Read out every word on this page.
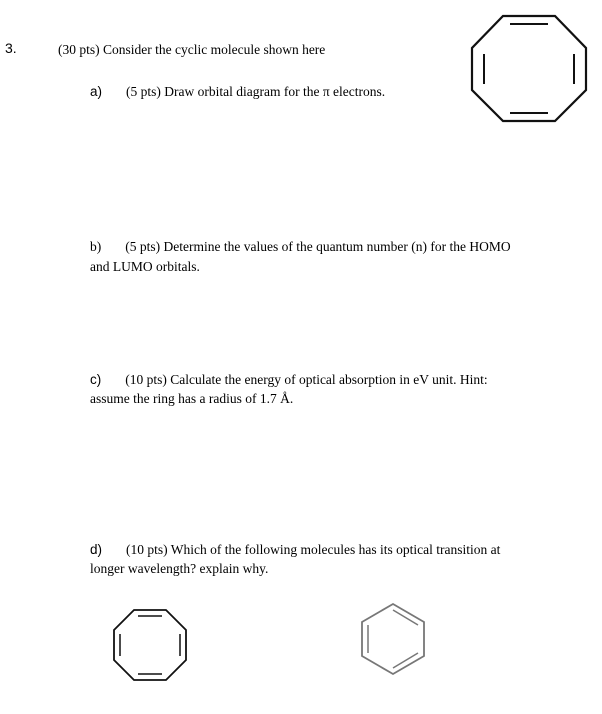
3.	(30 pts) Consider the cyclic molecule shown here
a) (5 pts) Draw orbital diagram for the π electrons.
b) (5 pts) Determine the values of the quantum number (n) for the HOMO
and LUMO orbitals.
c) (10 pts) Calculate the energy of optical absorption in eV unit. Hint:
assume the ring has a radius of 1.7 Å.
d) (10 pts) Which of the following molecules has its optical transition at
longer wavelength? explain why.
